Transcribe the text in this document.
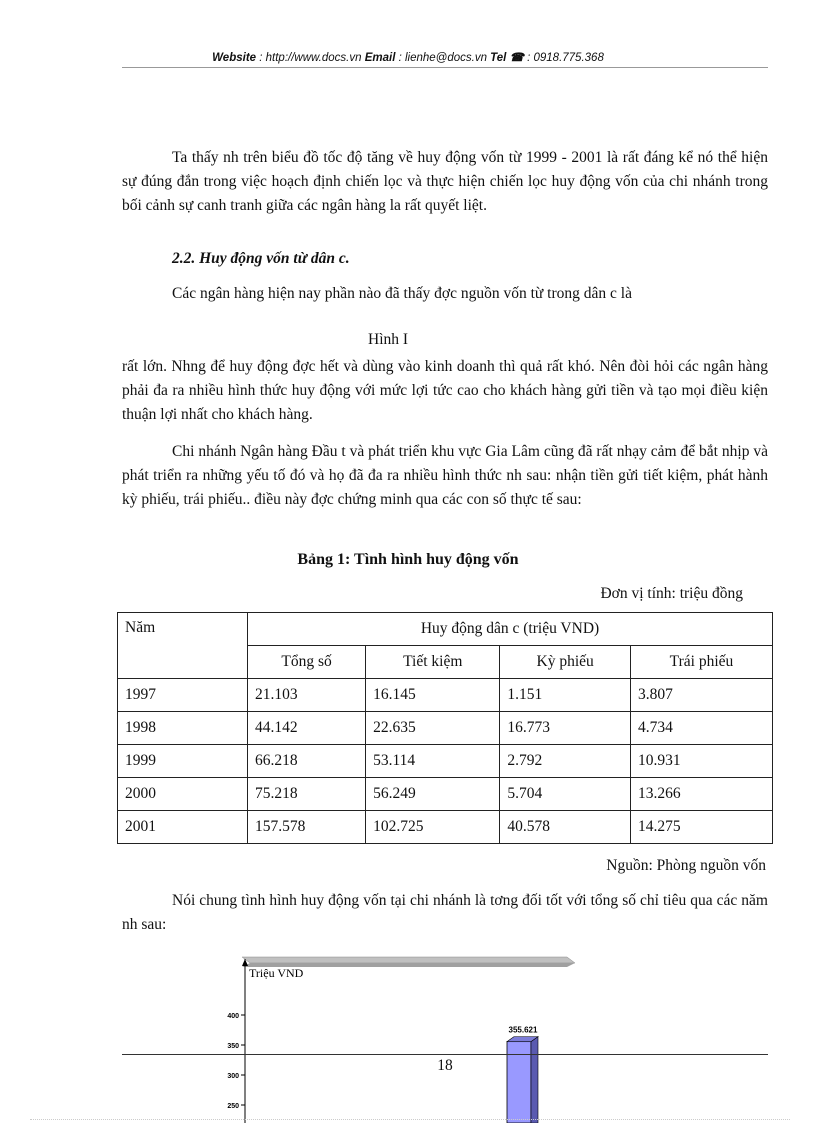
Website : http://www.docs.vn Email : lienhe@docs.vn Tel ☎ : 0918.775.368

Ta thấy nh trên biểu đồ tốc độ tăng về huy động vốn từ 1999 - 2001 là rất đáng kể nó thể hiện sự đúng đắn trong việc hoạch định chiến lọc và thực hiện chiến lọc huy động vốn của chi nhánh trong bối cảnh sự canh tranh giữa các ngân hàng la rất quyết liệt.

2.2. Huy động vốn từ dân c.

Các ngân hàng hiện nay phần nào đã thấy đợc nguồn vốn từ trong dân c là

Hình I

rất lớn. Nhng để huy động đợc hết và dùng vào kinh doanh thì quả rất khó. Nên đòi hỏi các ngân hàng phải đa ra nhiều hình thức huy động với mức lợi tức cao cho khách hàng gửi tiền và tạo mọi điều kiện thuận lợi nhất cho khách hàng.

Chi nhánh Ngân hàng Đầu t và phát triển khu vực Gia Lâm cũng đã rất nhạy cảm để bắt nhịp và phát triển ra những yếu tố đó và họ đã đa ra nhiều hình thức nh sau: nhận tiền gửi tiết kiệm, phát hành kỳ phiếu, trái phiếu.. điều này đợc chứng minh qua các con số thực tế sau:

Bảng 1: Tình hình huy động vốn
Đơn vị tính: triệu đồng
Năm	Huy động dân c (triệu VND)			
	Tổng số	Tiết kiệm	Kỳ phiếu	Trái phiếu
1997	21.103	16.145	1.151	3.807
1998	44.142	22.635	16.773	4.734
1999	66.218	53.114	2.792	10.931
2000	75.218	56.249	5.704	13.266
2001	157.578	102.725	40.578	14.275
Nguồn: Phòng nguồn vốn

Nói chung tình hình huy động vốn tại chi nhánh là tơng đối tốt với tổng số chỉ tiêu qua các năm nh sau:

Triệu VND
250
300
350
400
355.621
18
